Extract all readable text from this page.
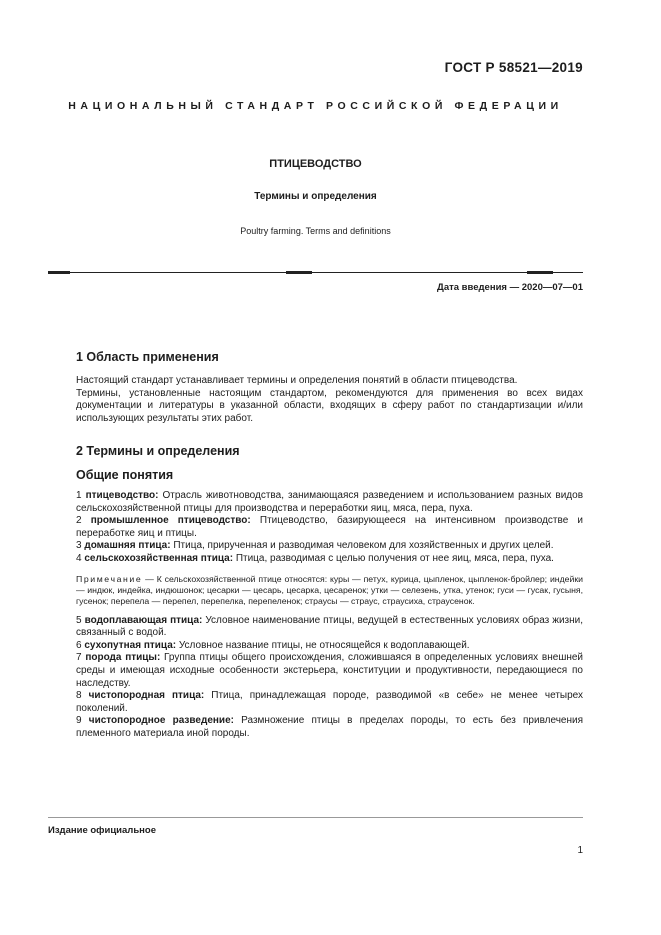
ГОСТ Р 58521—2019
НАЦИОНАЛЬНЫЙ СТАНДАРТ РОССИЙСКОЙ ФЕДЕРАЦИИ
ПТИЦЕВОДСТВО
Термины и определения
Poultry farming. Terms and definitions
Дата введения — 2020—07—01
1 Область применения

Настоящий стандарт устанавливает термины и определения понятий в области птицеводства.

Термины, установленные настоящим стандартом, рекомендуются для применения во всех видах документации и литературы в указанной области, входящих в сферу работ по стандартизации и/или использующих результаты этих работ.

2 Термины и определения
Общие понятия

1 птицеводство: Отрасль животноводства, занимающаяся разведением и использованием разных видов сельскохозяйственной птицы для производства и переработки яиц, мяса, пера, пуха.

2 промышленное птицеводство: Птицеводство, базирующееся на интенсивном производстве и переработке яиц и птицы.

3 домашняя птица: Птица, прирученная и разводимая человеком для хозяйственных и других целей.

4 сельскохозяйственная птица: Птица, разводимая с целью получения от нее яиц, мяса, пера, пуха.

Примечание — К сельскохозяйственной птице относятся: куры — петух, курица, цыпленок, цыпленок-бройлер; индейки — индюк, индейка, индюшонок; цесарки — цесарь, цесарка, цесаренок; утки — селезень, утка, утенок; гуси — гусак, гусыня, гусенок; перепела — перепел, перепелка, перепеленок; страусы — страус, страусиха, страусенок.

5 водоплавающая птица: Условное наименование птицы, ведущей в естественных условиях образ жизни, связанный с водой.

6 сухопутная птица: Условное название птицы, не относящейся к водоплавающей.

7 порода птицы: Группа птицы общего происхождения, сложившаяся в определенных условиях внешней среды и имеющая исходные особенности экстерьера, конституции и продуктивности, передающиеся по наследству.

8 чистопородная птица: Птица, принадлежащая породе, разводимой «в себе» не менее четырех поколений.

9 чистопородное разведение: Размножение птицы в пределах породы, то есть без привлечения племенного материала иной породы.

Издание официальное
1
